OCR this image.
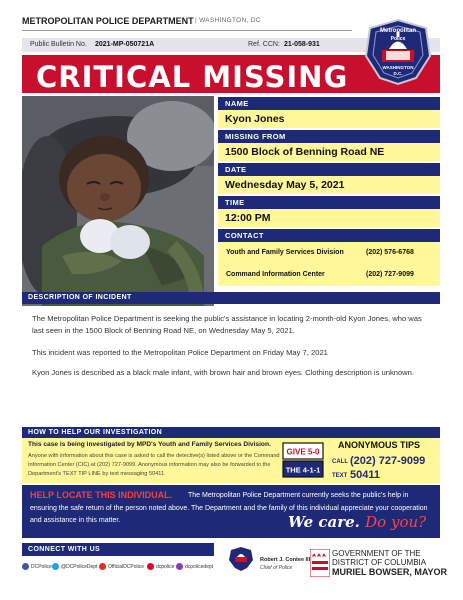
METROPOLITAN POLICE DEPARTMENT | WASHINGTON, DC
Public Bulletin No. 2021-MP-050721A	Ref. CCN: 21-058-931
CRITICAL MISSING
Metropolitan
Police
WASHINGTON
D.C.
NAME
Kyon Jones
MISSING FROM
1500 Block of Benning Road NE
DATE
Wednesday May 5, 2021
TIME
12:00 PM
CONTACT
Youth and Family Services Division	(202) 576-6768
Command Information Center	(202) 727-9099
DESCRIPTION OF INCIDENT
The Metropolitan Police Department is seeking the public's assistance in locating 2-month-old Kyon Jones, who was last seen in the 1500 Block of Benning Road NE, on Wednesday May 5, 2021.
This incident was reported to the Metropolitan Police Department on Friday May 7, 2021
Kyon Jones is described as a black male infant, with brown hair and brown eyes. Clothing description is unknown.
HOW TO HELP OUR INVESTIGATION
This case is being investigated by MPD's Youth and Family Services Division.
Anyone with information about this case is asked to call the detective(s) listed above or the Command Information Center (CIC) at (202) 727-9099. Anonymous information may also be forwarded to the Department's TEXT TIP LINE by text messaging 50411.
GIVE 5-0
THE 4-1-1
ANONYMOUS TIPS
CALL (202) 727-9099
TEXT 50411
The Metropolitan Police Department currently seeks the public's help in ensuring the safe return of the person noted above. The Department and the family of this individual appreciate your cooperation and assistance in this matter.
HELP LOCATE THIS INDIVIDUAL.
We care. Do you?
CONNECT WITH US
DCPolice @DCPoliceDept OfficialDCPolice dcpolice dcpolicedept
Robert J. Contee III
Chief of Police
GOVERNMENT OF THE
DISTRICT OF COLUMBIA
MURIEL BOWSER, MAYOR
